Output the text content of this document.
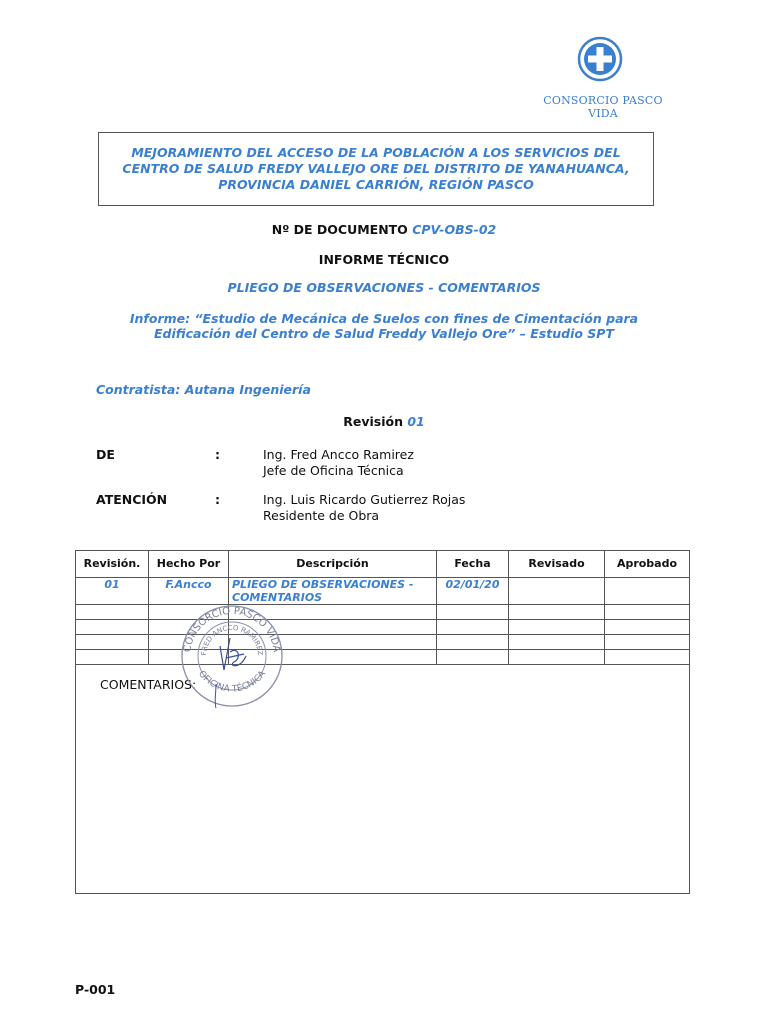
CONSORCIO PASCO VIDA
MEJORAMIENTO DEL ACCESO DE LA POBLACIÓN A LOS SERVICIOS DEL CENTRO DE SALUD FREDY VALLEJO ORE DEL DISTRITO DE YANAHUANCA, PROVINCIA DANIEL CARRIÓN, REGIÓN PASCO
Nº DE DOCUMENTO CPV-OBS-02
INFORME TÉCNICO
PLIEGO DE OBSERVACIONES - COMENTARIOS
Informe: “Estudio de Mecánica de Suelos con fines de Cimentación para
Edificación del Centro de Salud Freddy Vallejo Ore” – Estudio SPT
Contratista: Autana Ingeniería
Revisión 01
DE	:	Ing. Fred Ancco Ramirez
Jefe de Oficina Técnica
ATENCIÓN	:	Ing. Luis Ricardo Gutierrez Rojas
Residente de Obra
Revisión.	Hecho Por	Descripción	Fecha	Revisado	Aprobado
01	F.Ancco	PLIEGO DE OBSERVACIONES - COMENTARIOS	02/01/20		

COMENTARIOS:					
CONSORCIO PASCO VIDA
OFICINA TÉCNICA
FRED ANCCO RAMIREZ
P-001
